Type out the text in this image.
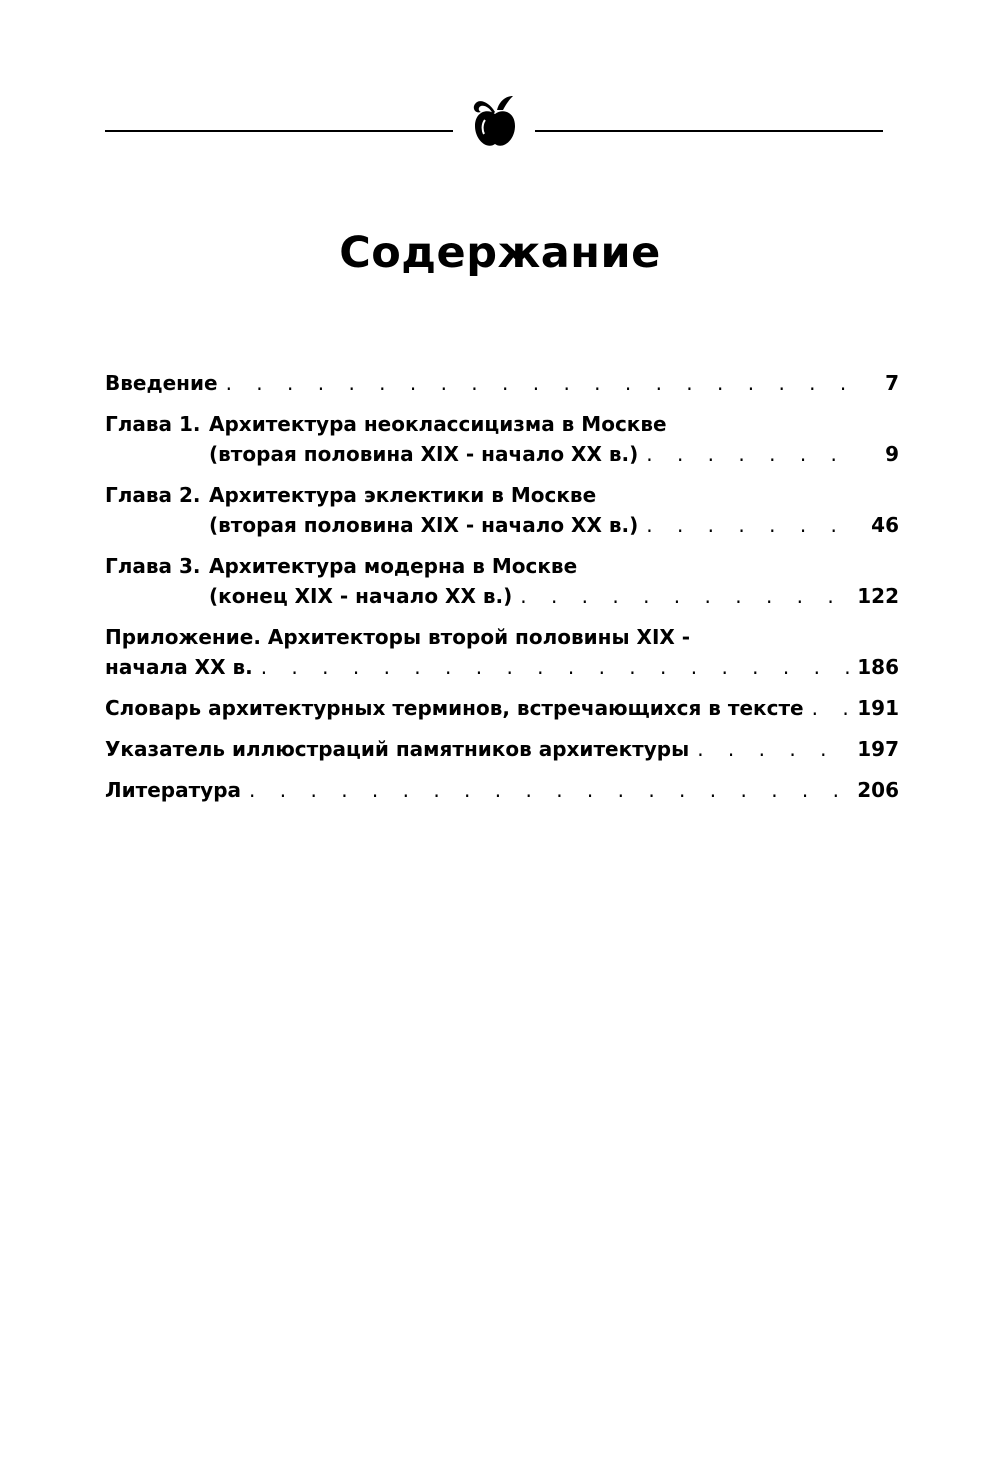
Содержание
Введение . . .	7
Глава 1. Архитектура неоклассицизма в Москве
(вторая половина XIX - начало XX в.) . . .	9
Глава 2. Архитектура эклектики в Москве
(вторая половина XIX - начало XX в.) . . .	46
Глава 3. Архитектура модерна в Москве
(конец XIX - начало XX в.) . . .	122
Приложение. Архитекторы второй половины XIX -
начала XX в. . . .	186
Словарь архитектурных терминов, встречающихся в тексте . . .	191
Указатель иллюстраций памятников архитектуры . . .	197
Литература . . .	206
